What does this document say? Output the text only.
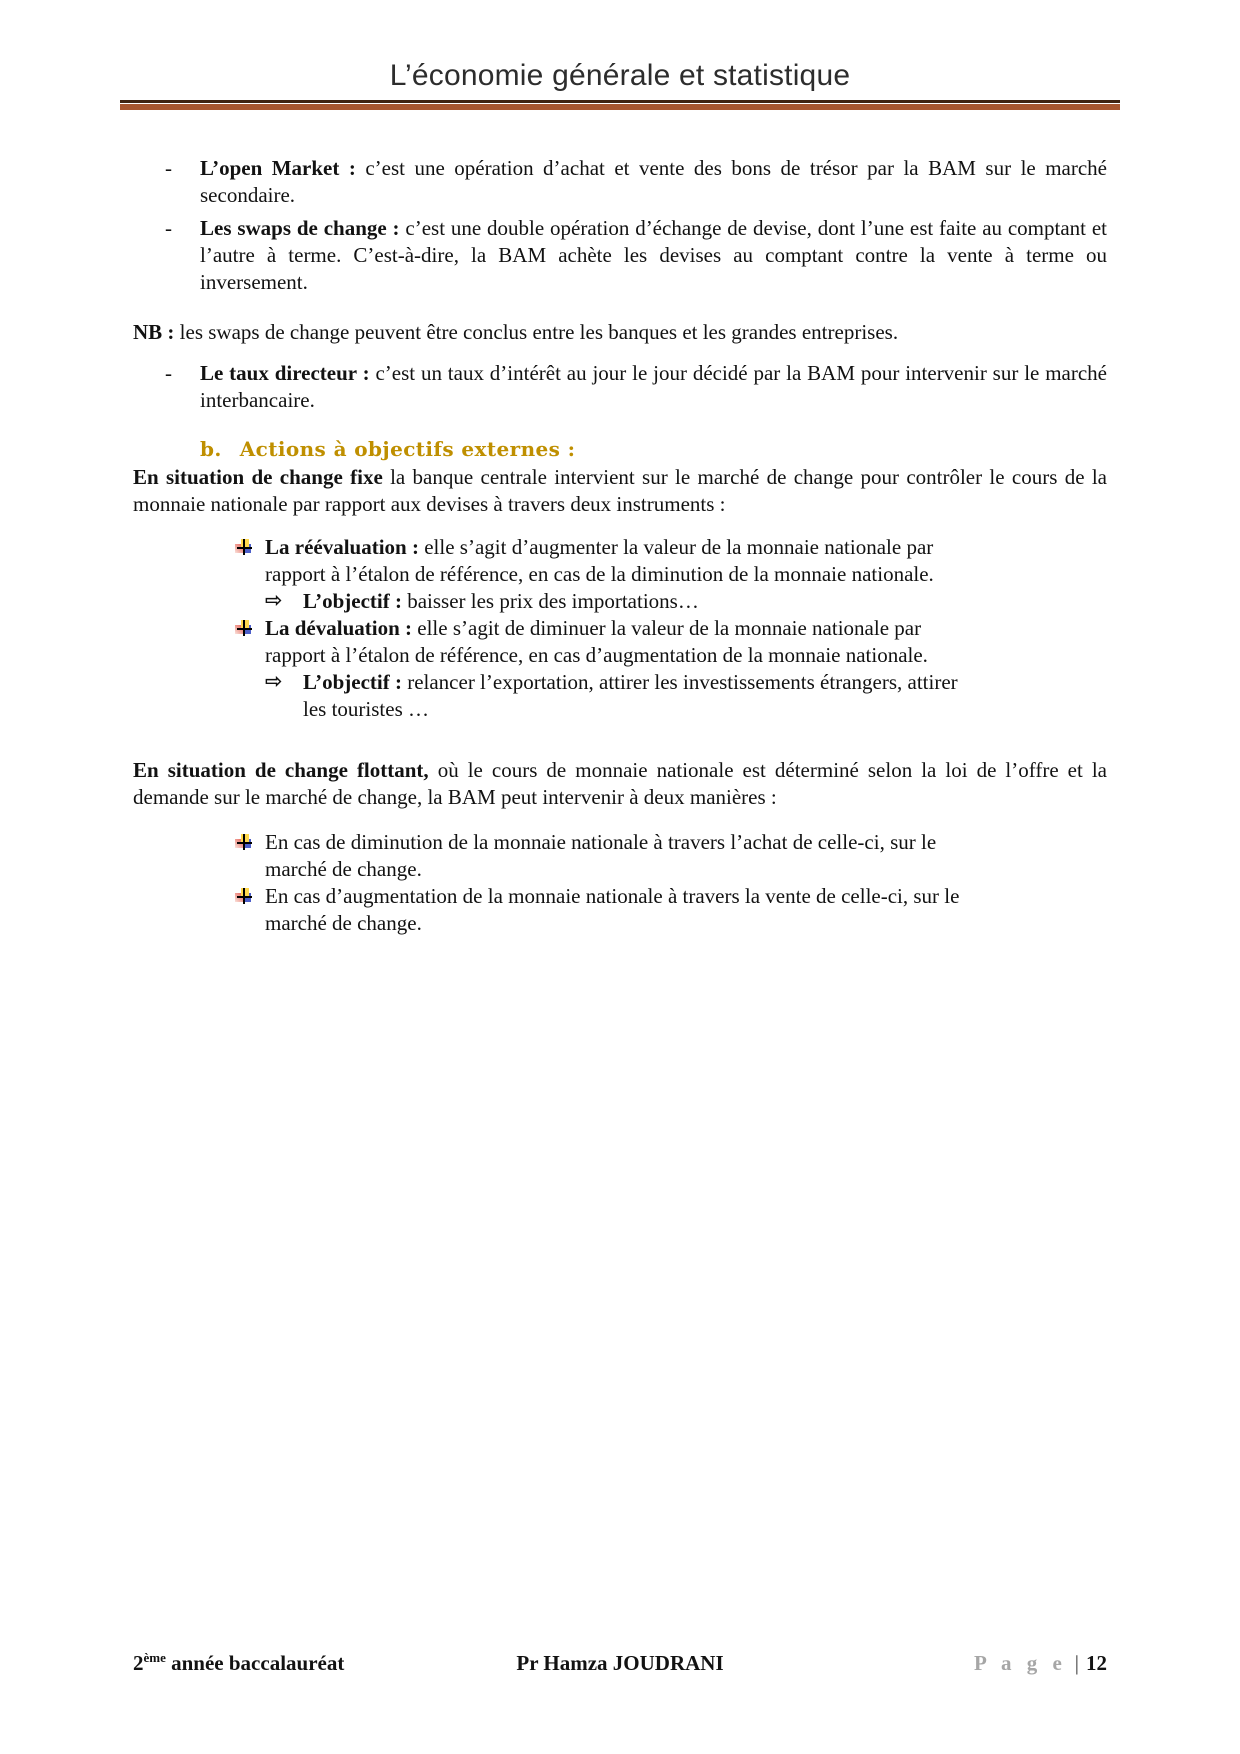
L’économie générale et statistique
- L’open Market : c’est une opération d’achat et vente des bons de trésor par la BAM sur le marché secondaire.
- Les swaps de change : c’est une double opération d’échange de devise, dont l’une est faite au comptant et l’autre à terme. C’est-à-dire, la BAM achète les devises au comptant contre la vente à terme ou inversement.
NB : les swaps de change peuvent être conclus entre les banques et les grandes entreprises.
- Le taux directeur : c’est un taux d’intérêt au jour le jour décidé par la BAM pour intervenir sur le marché interbancaire.
b. Actions à objectifs externes :
En situation de change fixe la banque centrale intervient sur le marché de change pour contrôler le cours de la monnaie nationale par rapport aux devises à travers deux instruments :
La réévaluation : elle s’agit d’augmenter la valeur de la monnaie nationale par rapport à l’étalon de référence, en cas de la diminution de la monnaie nationale.
⇨ L’objectif : baisser les prix des importations…
La dévaluation : elle s’agit de diminuer la valeur de la monnaie nationale par rapport à l’étalon de référence, en cas d’augmentation de la monnaie nationale.
⇨ L’objectif : relancer l’exportation, attirer les investissements étrangers, attirer les touristes …
En situation de change flottant, où le cours de monnaie nationale est déterminé selon la loi de l’offre et la demande sur le marché de change, la BAM peut intervenir à deux manières :
En cas de diminution de la monnaie nationale à travers l’achat de celle-ci, sur le marché de change.
En cas d’augmentation de la monnaie nationale à travers la vente de celle-ci, sur le marché de change.
2ème année baccalauréat	Pr Hamza JOUDRANI	P a g e | 12
